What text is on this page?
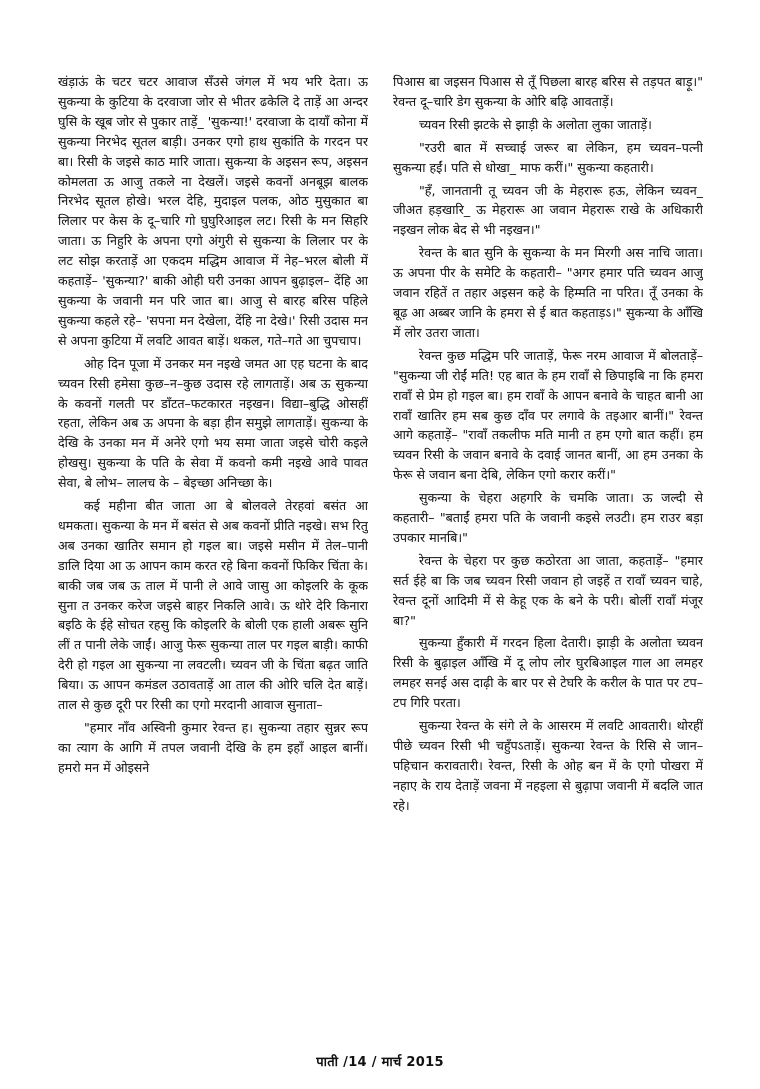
खंड़ाऊं के चटर चटर आवाज सँउसे जंगल में भय भरि देता। ऊ सुकन्या के कुटिया के दरवाजा जोर से भीतर ढकेलि दे ताड़ें आ अन्दर घुसि के खूब जोर से पुकार ताड़ें_ 'सुकन्या!' दरवाजा के दायाँ कोना में सुकन्या निरभेद सूतल बाड़ी। उनकर एगो हाथ सुकांति के गरदन पर बा। रिसी के जइसे काठ मारि जाता। सुकन्या के अइसन रूप, अइसन कोमलता ऊ आजु तकले ना देखलें। जइसे कवनों अनबूझ बालक निरभेद सूतल होखे। भरल देहि, मुदाइल पलक, ओठ मुसुकात बा लिलार पर केस के दू–चारि गो घुघुरिआइल लट। रिसी के मन सिहरि जाता। ऊ निहुरि के अपना एगो अंगुरी से सुकन्या के लिलार पर के लट सोझ करताड़ें आ एकदम मद्धिम आवाज में नेह–भरल बोली में कहताड़ें– 'सुकन्या?' बाकी ओही घरी उनका आपन बुढ़ाइल– देंहि आ सुकन्या के जवानी मन परि जात बा। आजु से बारह बरिस पहिले सुकन्या कहले रहे– 'सपना मन देखेला, देंहि ना देखे।' रिसी उदास मन से अपना कुटिया में लवटि आवत बाड़ें। थकल, गते–गते आ चुपचाप।

ओह दिन पूजा में उनकर मन नइखे जमत आ एह घटना के बाद च्यवन रिसी हमेसा कुछ–न–कुछ उदास रहे लागताड़ें। अब ऊ सुकन्या के कवनों गलती पर डाँटत–फटकारत नइखन। विद्या–बुद्धि ओसहीं रहता, लेकिन अब ऊ अपना के बड़ा हीन समुझे लागताड़ें। सुकन्या के देखि के उनका मन में अनेरे एगो भय समा जाता जइसे चोरी कइले होखसु। सुकन्या के पति के सेवा में कवनो कमी नइखे आवे पावत सेवा, बे लोभ– लालच के – बेइच्छा अनिच्छा के।

कई महीना बीत जाता आ बे बोलवले तेरहवां बसंत आ धमकता। सुकन्या के मन में बसंत से अब कवनों प्रीति नइखे। सभ रितु अब उनका खातिर समान हो गइल बा। जइसे मसीन में तेल–पानी डालि दिया आ ऊ आपन काम करत रहे बिना कवनों फिकिर चिंता के। बाकी जब जब ऊ ताल में पानी ले आवे जासु आ कोइलरि के कूक सुना त उनकर करेज जइसे बाहर निकलि आवे। ऊ थोरे देरि किनारा बइठि के ईहे सोचत रहसु कि कोइलरि के बोली एक हाली अबरू सुनि लीं त पानी लेके जाईं। आजु फेरू सुकन्या ताल पर गइल बाड़ी। काफी देरी हो गइल आ सुकन्या ना लवटली। च्यवन जी के चिंता बढ़त जाति बिया। ऊ आपन कमंडल उठावताड़ें आ ताल की ओरि चलि देत बाड़ें। ताल से कुछ दूरी पर रिसी का एगो मरदानी आवाज सुनाता–

"हमार नाँव अस्विनी कुमार रेवन्त ह। सुकन्या तहार सुन्नर रूप का त्याग के आगि में तपल जवानी देखि के हम इहाँ आइल बानीं। हमरो मन में ओइसने

पिआस बा जइसन पिआस से तूँ पिछला बारह बरिस से तड़पत बाड़ू।" रेवन्त दू–चारि डेग सुकन्या के ओरि बढ़ि आवताड़ें।

च्यवन रिसी झटके से झाड़ी के अलोता लुका जाताड़ें।

"रउरी बात में सच्चाई जरूर बा लेकिन, हम च्यवन–पत्नी सुकन्या हईं। पति से धोखा_ माफ करीं।" सुकन्या कहतारी।

"हँ, जानतानी तू च्यवन जी के मेहरारू हऊ, लेकिन च्यवन_ जीअत हड़खारि_ ऊ मेहरारू आ जवान मेहरारू राखे के अधिकारी नइखन लोक बेद से भी नइखन।"

रेवन्त के बात सुनि के सुकन्या के मन मिरगी अस नाचि जाता। ऊ अपना पीर के समेटि के कहतारी– "अगर हमार पति च्यवन आजु जवान रहितें त तहार अइसन कहे के हिम्मति ना परित। तूँ उनका के बूढ़ आ अब्बर जानि के हमरा से ई बात कहताड़ऽ।" सुकन्या के आँखि में लोर उतरा जाता।

रेवन्त कुछ मद्धिम परि जाताड़ें, फेरू नरम आवाज में बोलताड़ें– "सुकन्या जी रोईं मति! एह बात के हम रावाँ से छिपाइबि ना कि हमरा रावाँ से प्रेम हो गइल बा। हम रावाँ के आपन बनावे के चाहत बानी आ रावाँ खातिर हम सब कुछ दाँव पर लगावे के तइआर बानीं।" रेवन्त आगे कहताड़ें– "रावाँ तकलीफ मति मानी त हम एगो बात कहीं। हम च्यवन रिसी के जवान बनावे के दवाई जानत बानीं, आ हम उनका के फेरू से जवान बना देबि, लेकिन एगो करार करीं।"

सुकन्या के चेहरा अहगरि के चमकि जाता। ऊ जल्दी से कहतारी– "बताईं हमरा पति के जवानी कइसे लउटी। हम राउर बड़ा उपकार मानबि।"

रेवन्त के चेहरा पर कुछ कठोरता आ जाता, कहताड़ें– "हमार सर्त ईहे बा कि जब च्यवन रिसी जवान हो जइहें त रावाँ च्यवन चाहे, रेवन्त दूनों आदिमी में से केहू एक के बने के परी। बोलीं रावाँ मंजूर बा?"

सुकन्या हुँकारी में गरदन हिला देतारी। झाड़ी के अलोता च्यवन रिसी के बुढ़ाइल आँखि में दू लोप लोर घुरबिआइल गाल आ लमहर लमहर सनई अस दाढ़ी के बार पर से टेघरि के करील के पात पर टप–टप गिरि परता।

सुकन्या रेवन्त के संगे ले के आसरम में लवटि आवतारी। थोरहीं पीछे च्यवन रिसी भी चहुँपऽताड़ें। सुकन्या रेवन्त के रिसि से जान–पहिचान करावतारी। रेवन्त, रिसी के ओह बन में के एगो पोखरा में नहाए के राय देताड़ें जवना में नहइला से बुढ़ापा जवानी में बदलि जात रहे।

पाती /14 / मार्च 2015
